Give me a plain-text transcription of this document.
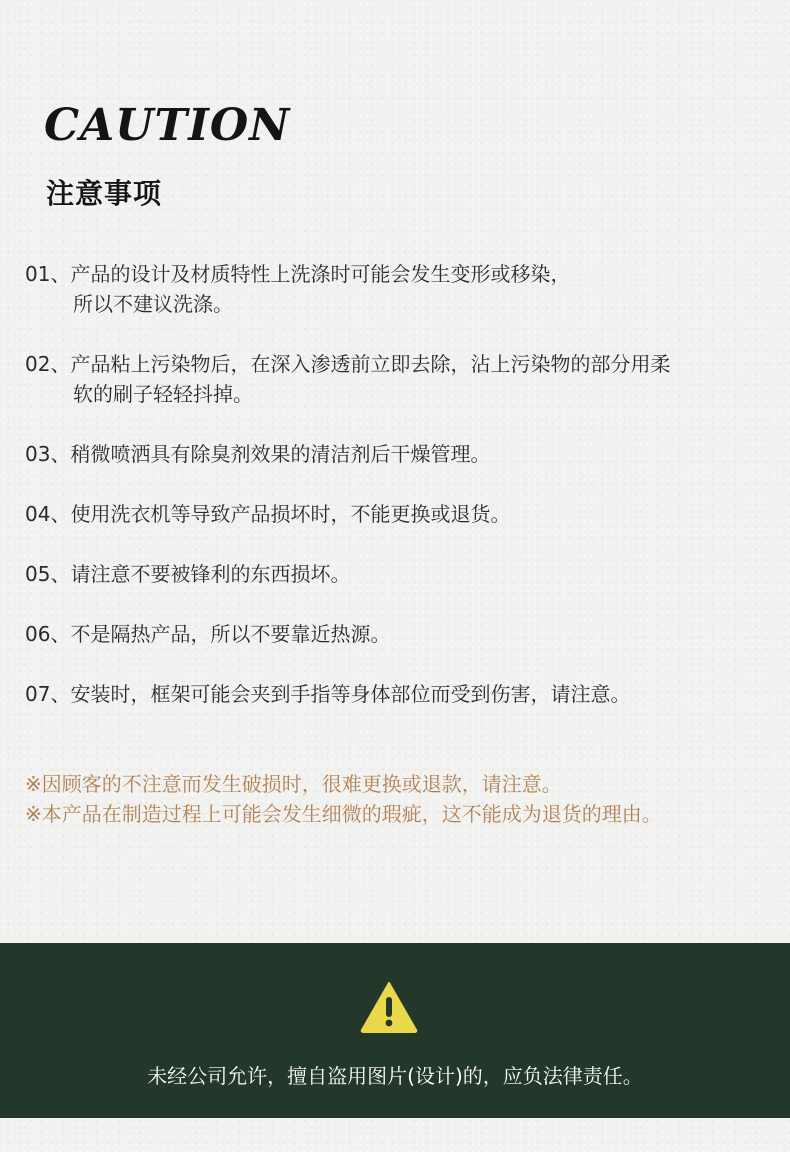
CAUTION
注意事项
01、产品的设计及材质特性上洗涤时可能会发生变形或移染，
所以不建议洗涤。
02、产品粘上污染物后，在深入渗透前立即去除，沾上污染物的部分用柔
软的刷子轻轻抖掉。
03、稍微喷洒具有除臭剂效果的清洁剂后干燥管理。
04、使用洗衣机等导致产品损坏时，不能更换或退货。
05、请注意不要被锋利的东西损坏。
06、不是隔热产品，所以不要靠近热源。
07、安装时，框架可能会夹到手指等身体部位而受到伤害，请注意。
※因顾客的不注意而发生破损时，很难更换或退款，请注意。
※本产品在制造过程上可能会发生细微的瑕疵，这不能成为退货的理由。
未经公司允许，擅自盗用图片(设计)的，应负法律责任。
